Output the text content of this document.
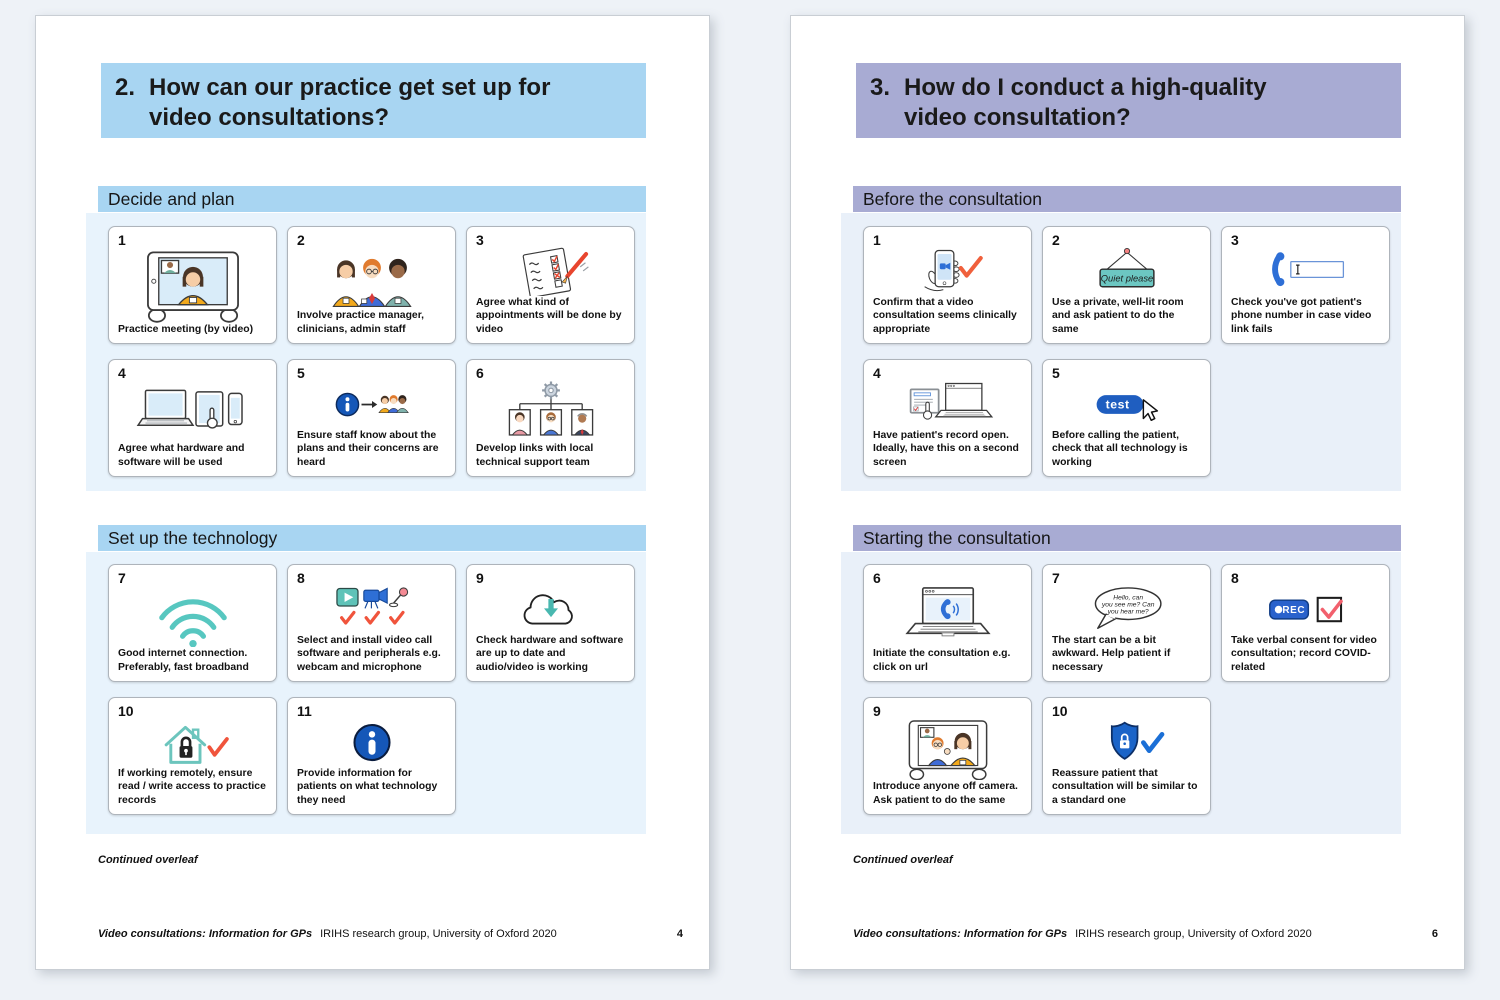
2. How can our practice get set up for
video consultations?
Decide and plan
1
Practice meeting (by video)
2
Involve practice manager, clinicians, admin staff
3
Agree what kind of appointments will be done by video
4
Agree what hardware and software will be used
5
Ensure staff know about the plans and their concerns are heard
6
Develop links with local technical support team
Set up the technology
7
Good internet connection. Preferably, fast broadband
8
Select and install video call software and peripherals e.g. webcam and microphone
9
Check hardware and software are up to date and audio/video is working
10
If working remotely, ensure read / write access to practice records
11
Provide information for patients on what technology they need
Continued overleaf
Video consultations: Information for GPs IRIHS research group, University of Oxford 2020	4
3. How do I conduct a high-quality
video consultation?
Before the consultation
1
Confirm that a video consultation seems clinically appropriate
2
Quiet please
Use a private, well-lit room and ask patient to do the same
3
Check you've got patient's phone number in case video link fails
4
Have patient's record open. Ideally, have this on a second screen
5
test
Before calling the patient, check that all technology is working
Starting the consultation
6
Initiate the consultation e.g. click on url
7
Hello, can
you see me? Can
you hear me?
The start can be a bit awkward. Help patient if necessary
8
REC
Take verbal consent for video consultation; record COVID-related
9
Introduce anyone off camera. Ask patient to do the same
10
Reassure patient that consultation will be similar to a standard one
Continued overleaf
Video consultations: Information for GPs IRIHS research group, University of Oxford 2020	6
